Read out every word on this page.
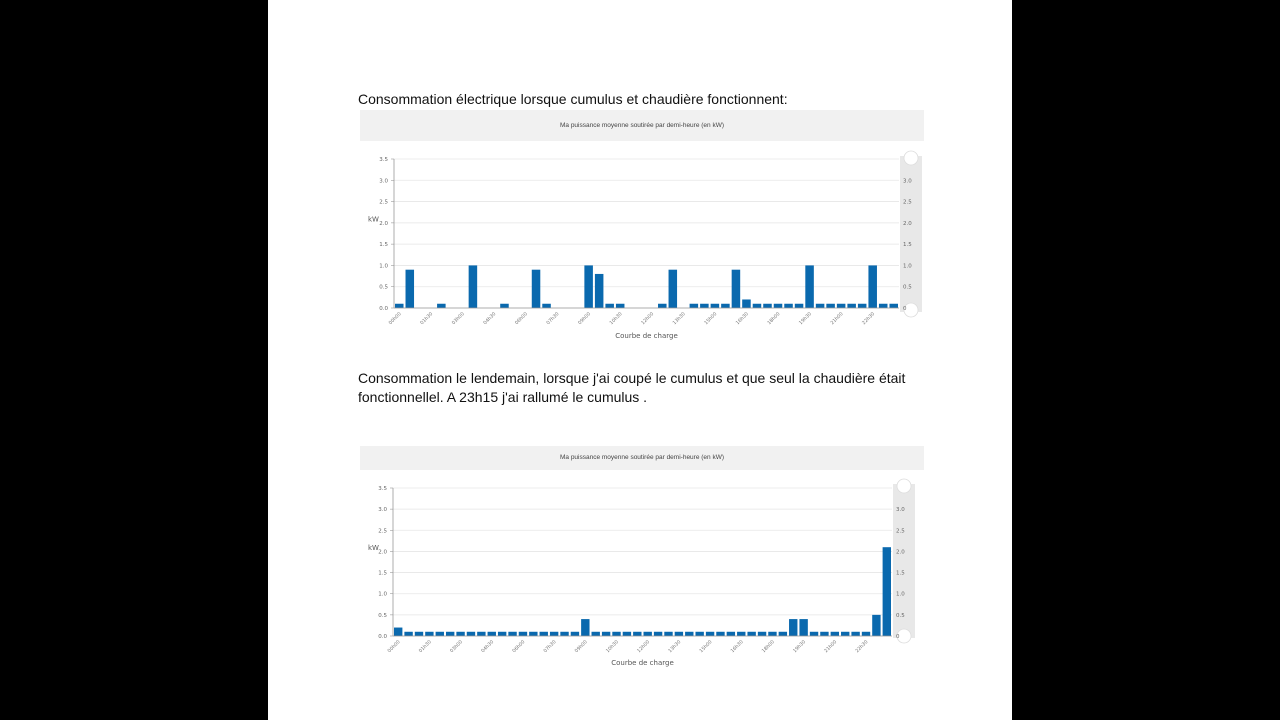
Consommation électrique lorsque cumulus et chaudière fonctionnent:
Ma puissance moyenne soutirée par demi-heure (en kW)
0.0
0.5
1.0
1.5
2.0
2.5
3.0
3.5
0
0.5
1.0
1.5
2.0
2.5
3.0
kW
00h00	01h30	03h00	04h30	06h00	07h30	09h00	10h30	12h00	13h30	15h00	16h30	18h00	19h30	21h00	22h30
Courbe de charge
Consommation le lendemain, lorsque j'ai coupé le cumulus et que seul la chaudière était
fonctionnellel. A 23h15 j'ai rallumé le cumulus .
Ma puissance moyenne soutirée par demi-heure (en kW)
0.0
0.5
1.0
1.5
2.0
2.5
3.0
3.5
0
0.5
1.0
1.5
2.0
2.5
3.0
kW
00h00	01h30	03h00	04h30	06h00	07h30	09h00	10h30	12h00	13h30	15h00	16h30	18h00	19h30	21h00	22h30
Courbe de charge
